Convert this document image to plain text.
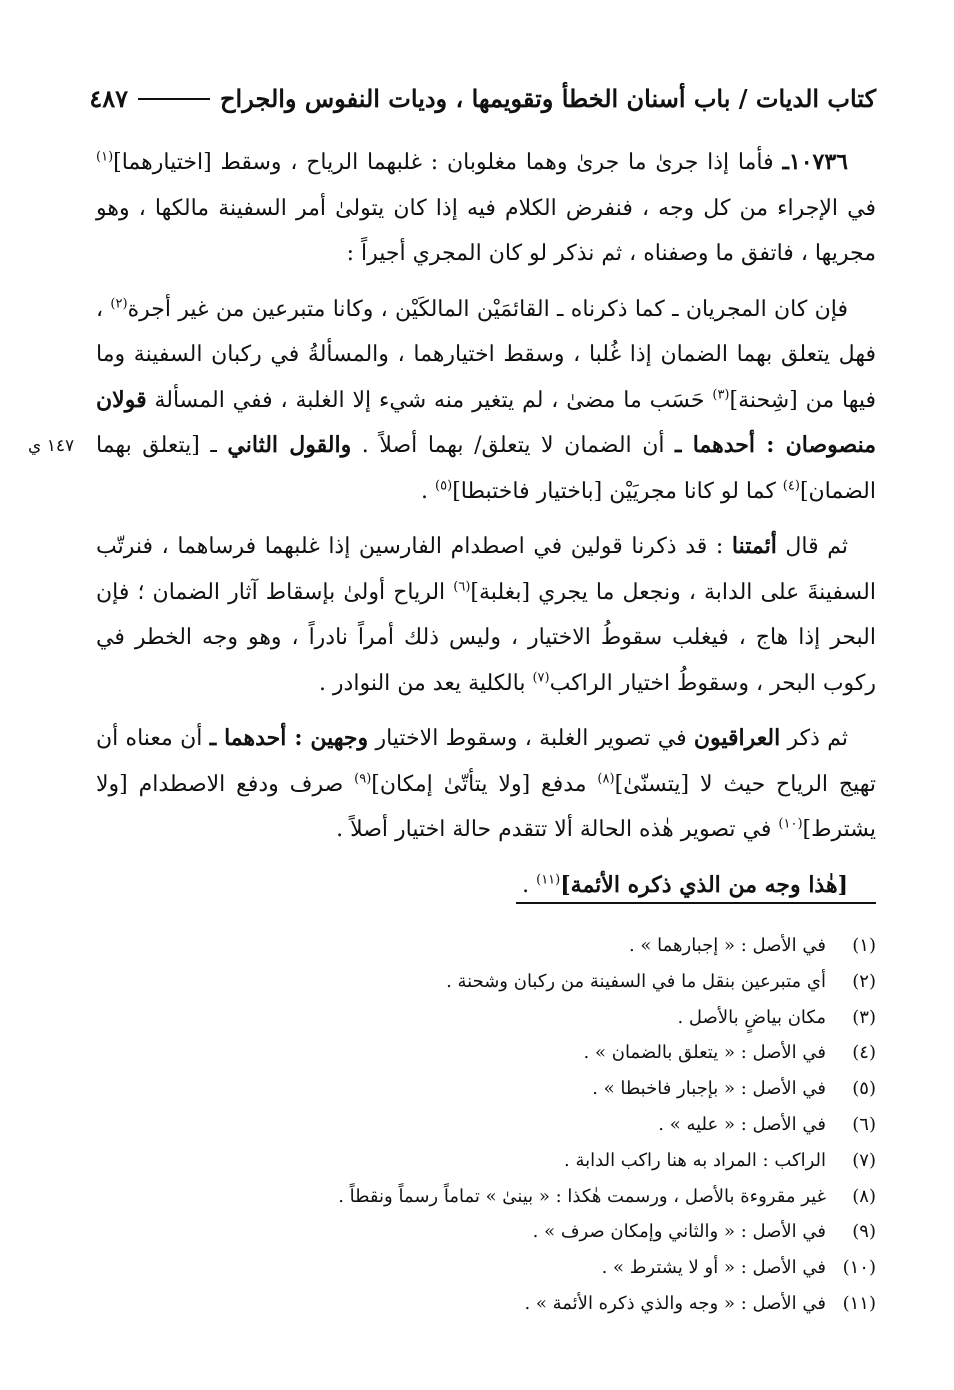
كتاب الديات / باب أسنان الخطأ وتقويمها ، وديات النفوس والجراح
٤٨٧
١٤٧ ي

١٠٧٣٦ـ فأما إذا جرىٰ ما جرىٰ وهما مغلوبان : غلبهما الرياح ، وسقط [اختيارهما]$^{(١)}$ في الإجراء من كل وجه ، فنفرض الكلام فيه إذا كان يتولىٰ أمر السفينة مالكها ، وهو مجريها ، فاتفق ما وصفناه ، ثم نذكر لو كان المجري أجيراً :

فإن كان المجريان ـ كما ذكرناه ـ القائمَيْن المالكَيْن ، وكانا متبرعين من غير أجرة$^{(٢)}$ ، فهل يتعلق بهما الضمان إذا غُلبا ، وسقط اختيارهما ، والمسألةُ في ركبان السفينة وما فيها من [شِحنة]$^{(٣)}$ حَسَب ما مضىٰ ، لم يتغير منه شيء إلا الغلبة ، ففي المسألة قولان منصوصان : أحدهما ـ أن الضمان لا يتعلق/ بهما أصلاً . والقول الثاني ـ [يتعلق بهما الضمان]$^{(٤)}$ كما لو كانا مجريَيْن [باختيار فاختبطا]$^{(٥)}$ .

ثم قال أئمتنا : قد ذكرنا قولين في اصطدام الفارسين إذا غلبهما فرساهما ، فنرتّب السفينةَ على الدابة ، ونجعل ما يجري [بغلبة]$^{(٦)}$ الرياح أولىٰ بإسقاط آثار الضمان ؛ فإن البحر إذا هاج ، فيغلب سقوطُ الاختيار ، وليس ذلك أمراً نادراً ، وهو وجه الخطر في ركوب البحر ، وسقوطُ اختيار الراكب$^{(٧)}$ بالكلية يعد من النوادر .

ثم ذكر العراقيون في تصوير الغلبة ، وسقوط الاختيار وجهين : أحدهما ـ أن معناه أن تهيج الرياح حيث لا [يتسنّىٰ]$^{(٨)}$ مدفع [ولا يتأتّىٰ إمكان]$^{(٩)}$ صرف ودفع الاصطدام [ولا يشترط]$^{(١٠)}$ في تصوير هٰذه الحالة ألا تتقدم حالة اختيار أصلاً .

[هٰذا وجه من الذي ذكره الأئمة]$^{(١١)}$ .

(١)
في الأصل : « إجبارهما » .
(٢)
أي متبرعين بنقل ما في السفينة من ركبان وشحنة .
(٣)
مكان بياضٍ بالأصل .
(٤)
في الأصل : « يتعلق بالضمان » .
(٥)
في الأصل : « بإجبار فاخبطا » .
(٦)
في الأصل : « عليه » .
(٧)
الراكب : المراد به هنا راكب الدابة .
(٨)
غير مقروءة بالأصل ، ورسمت هٰكذا : « بينىٰ » تماماً رسماً ونقطاً .
(٩)
في الأصل : « والثاني وإمكان صرف » .
(١٠)
في الأصل : « أو لا يشترط » .
(١١)
في الأصل : « وجه والذي ذكره الأئمة » .
